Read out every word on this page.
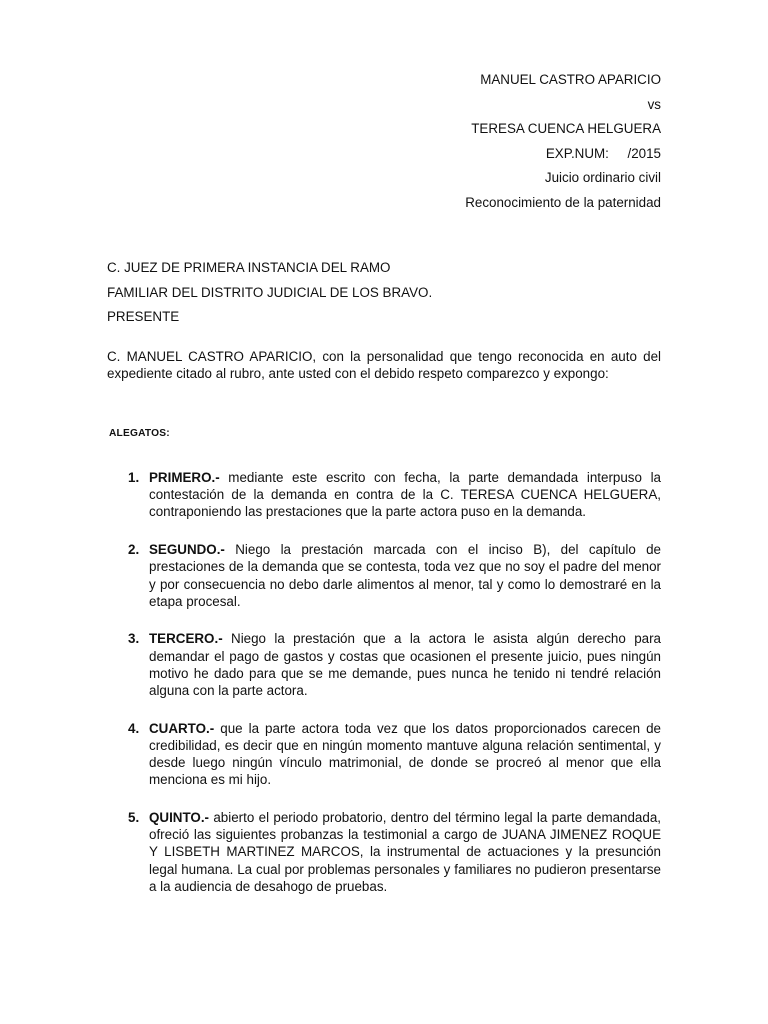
MANUEL CASTRO APARICIO
vs
TERESA CUENCA HELGUERA
EXP.NUM:     /2015
Juicio ordinario civil
Reconocimiento de la paternidad
C. JUEZ DE PRIMERA INSTANCIA DEL RAMO
FAMILIAR DEL DISTRITO JUDICIAL DE LOS BRAVO.
PRESENTE

C. MANUEL CASTRO APARICIO, con la personalidad que tengo reconocida en auto del expediente citado al rubro, ante usted con el debido respeto comparezco y expongo:

ALEGATOS:

1. PRIMERO.- mediante este escrito con fecha, la parte demandada interpuso la contestación de la demanda en contra de la C. TERESA CUENCA HELGUERA, contraponiendo las prestaciones que la parte actora puso en la demanda.
2. SEGUNDO.- Niego la prestación marcada con el inciso B), del capítulo de prestaciones de la demanda que se contesta, toda vez que no soy el padre del menor y por consecuencia no debo darle alimentos al menor, tal y como lo demostraré en la etapa procesal.
3. TERCERO.- Niego la prestación que a la actora le asista algún derecho para demandar el pago de gastos y costas que ocasionen el presente juicio, pues ningún motivo he dado para que se me demande, pues nunca he tenido ni tendré relación alguna con la parte actora.
4. CUARTO.- que la parte actora toda vez que los datos proporcionados carecen de credibilidad, es decir que en ningún momento mantuve alguna relación sentimental, y desde luego ningún vínculo matrimonial, de donde se procreó al menor que ella menciona es mi hijo.
5. QUINTO.- abierto el periodo probatorio, dentro del término legal la parte demandada, ofreció las siguientes probanzas la testimonial a cargo de JUANA JIMENEZ ROQUE Y LISBETH MARTINEZ MARCOS, la instrumental de actuaciones y la presunción legal humana. La cual por problemas personales y familiares no pudieron presentarse a la audiencia de desahogo de pruebas.
